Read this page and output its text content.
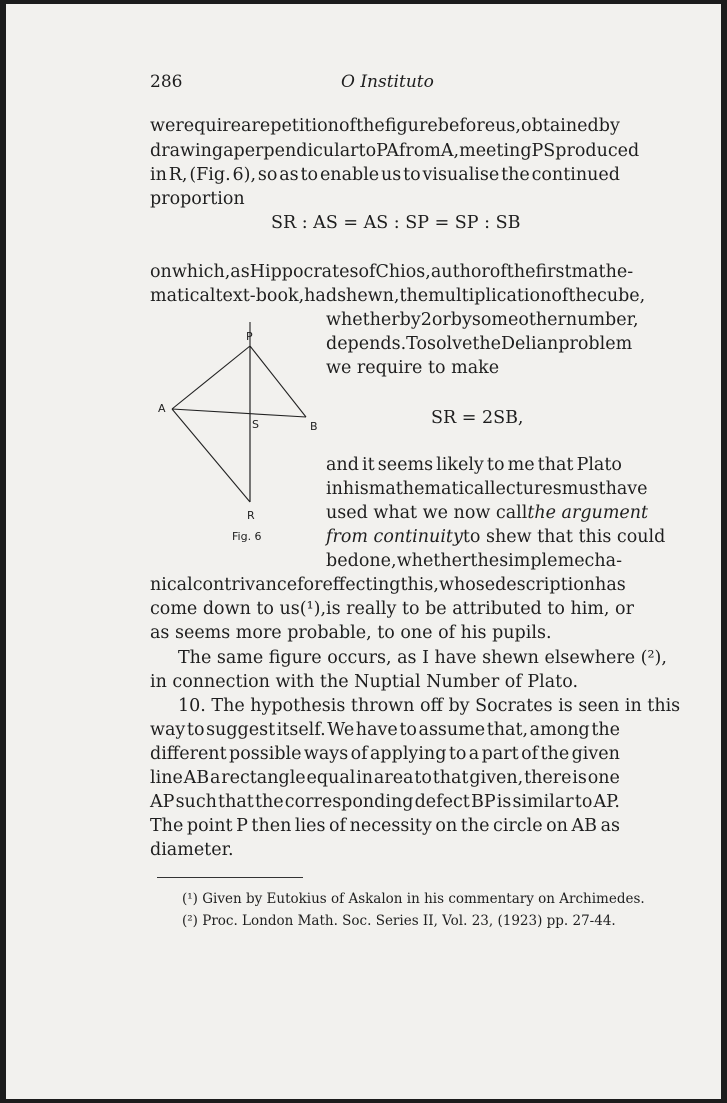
286	O Instituto
we require a repetition of the figure before us, obtained by
drawing a perpendicular to PA from A, meeting PS produced
in R, (Fig. 6), so as to enable us to visualise the continued
proportion
SR : AS = AS : SP = SP : SB
on which, as Hippocrates of Chios, author of the first mathe-
matical text-book, had shewn, the multiplication of the cube,
whether by 2 or by some other number,
depends. To solve the Delian problem
we require to make
SR = 2SB,
P
A
S	B
R
Fig. 6
and it seems likely to me that Plato
in his mathematical lectures must have
used what we now call the argument
from continuity to shew that this could
be done, whether the simple mecha-
nical contrivance for effecting this, whose description has
come down to us (¹), is really to be attributed to him, or
as seems more probable, to one of his pupils.
The same figure occurs, as I have shewn elsewhere (²),
in connection with the Nuptial Number of Plato.
10. The hypothesis thrown off by Socrates is seen in this
way to suggest itself. We have to assume that, among the
different possible ways of applying to a part of the given
line AB a rectangle equal in area to that given, there is one
AP such that the corresponding defect BP is similar to AP.
The point P then lies of necessity on the circle on AB as
diameter.
(¹) Given by Eutokius of Askalon in his commentary on Archimedes.
(²) Proc. London Math. Soc. Series II, Vol. 23, (1923) pp. 27-44.
